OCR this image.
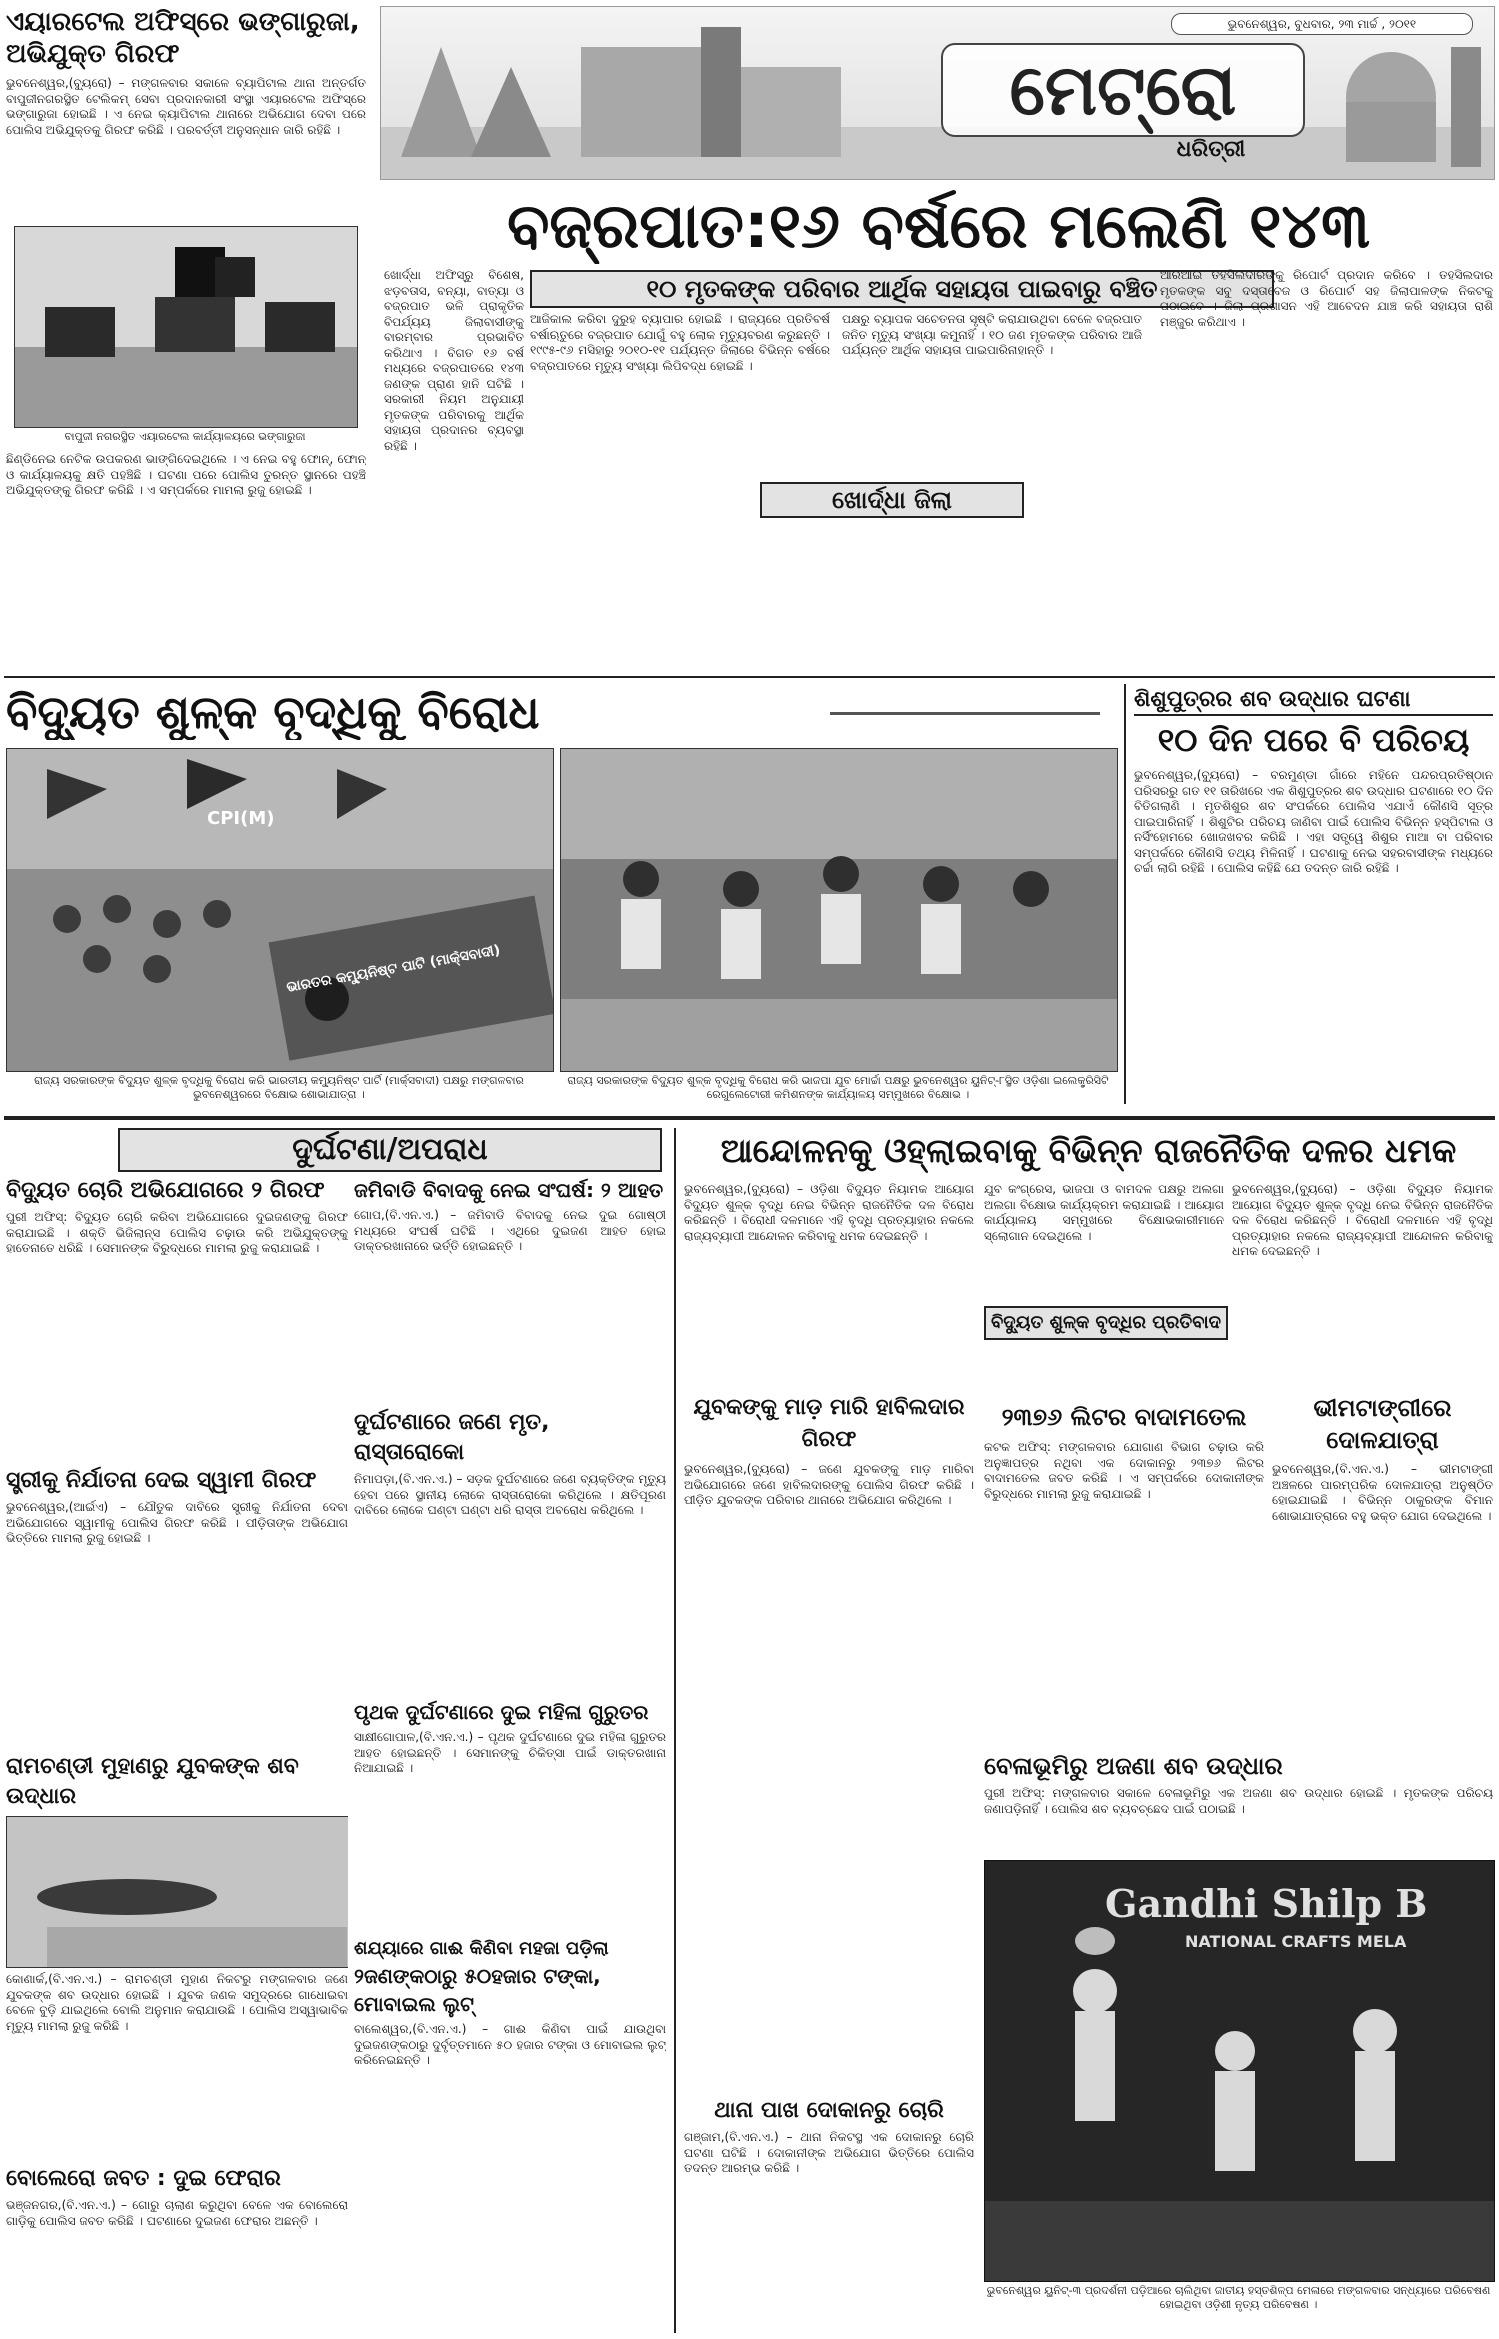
ଏୟାରଟେଲ ଅଫିସ୍‌ରେ ଭଙ୍ଗାରୁଜା, ଅଭିଯୁକ୍ତ ଗିରଫ

ଭୁବନେଶ୍ୱର,(ବ୍ୟୁରୋ) – ମଙ୍ଗଳବାର ସକାଳେ ବ୍ୟାପିଟାଲ ଥାନା ଅନ୍ତର୍ଗତ ବାପୁଜୀନଗରସ୍ଥିତ ଟେଲିକମ୍ ସେବା ପ୍ରଦାନକାରୀ ସଂସ୍ଥା ଏୟାରଟେଲ ଅଫିସ୍‌ରେ ଭଙ୍ଗାରୁଜା ହୋଇଛି । ଏ ନେଇ କ୍ୟାପିଟାଲ ଥାନାରେ ଅଭିଯୋଗ ଦେବା ପରେ ପୋଲିସ ଅଭିଯୁକ୍ତକୁ ଗିରଫ କରିଛି । ପରବର୍ତ୍ତୀ ଅନୁସନ୍ଧାନ ଜାରି ରହିଛି ।

ବାପୁଜୀ ନଗରସ୍ଥିତ ଏୟାରଟେଲ କାର୍ଯ୍ୟାଳୟରେ ଭଙ୍ଗାରୁଜା

ଛିଣ୍ଡିନେଇ ନେଟିକ ଉପକରଣ ଭାଙ୍ଗିଦେଇଥିଲେ । ଏ ନେଇ ବହୁ ଫୋନ୍, ଫୋନ୍ ଓ କାର୍ଯ୍ୟାଳୟକୁ କ୍ଷତି ପହଞ୍ଚିଛି । ଘଟଣା ପରେ ପୋଲିସ ତୁରନ୍ତ ସ୍ଥାନରେ ପହଞ୍ଚି ଅଭିଯୁକ୍ତଙ୍କୁ ଗିରଫ କରିଛି । ଏ ସମ୍ପର୍କରେ ମାମଲା ରୁଜୁ ହୋଇଛି ।

ଭୁବନେଶ୍ୱର, ବୁଧବାର, ୨୩ ମାର୍ଚ୍ଚ , ୨୦୧୧
ମେଟ୍ରୋ
ଧରିତ୍ରୀ
ବଜ୍ରପାତ:୧୬ ବର୍ଷରେ ମଲେଣି ୧୪୩
୧୦ ମୃତକଙ୍କ ପରିବାର ଆର୍ଥିକ ସହାୟତା ପାଇବାରୁ ବଞ୍ଚିତ

ଖୋର୍ଦ୍ଧା ଅଫିସ୍‌ରୁ ବିଶେଷ, ଝଡ଼ବତାସ, ବନ୍ୟା, ବାତ୍ୟା ଓ ବଜ୍ରପାତ ଭଳି ପ୍ରାକୃତିକ ବିପର୍ଯ୍ୟୟ ଜିଲାବାସୀଙ୍କୁ ବାରମ୍ବାର ପ୍ରଭାବିତ କରିଥାଏ । ବିଗତ ୧୬ ବର୍ଷ ମଧ୍ୟରେ ବଜ୍ରପାତରେ ୧୪୩ ଜଣଙ୍କ ପ୍ରାଣ ହାନି ଘଟିଛି । ସରକାରୀ ନିୟମ ଅନୁଯାୟୀ ମୃତକଙ୍କ ପରିବାରକୁ ଆର୍ଥିକ ସହାୟତା ପ୍ରଦାନର ବ୍ୟବସ୍ଥା ରହିଛି ।

ଆଜିକାଲ କରିବା ଦୁରୁହ ବ୍ୟାପାର ହୋଇଛି । ରାଜ୍ୟରେ ପ୍ରତିବର୍ଷ ବର୍ଷାଋତୁରେ ବଜ୍ରପାତ ଯୋଗୁଁ ବହୁ ଲୋକ ମୃତ୍ୟୁବରଣ କରୁଛନ୍ତି । ୧୯୯୫-୯୬ ମସିହାରୁ ୨୦୧୦-୧୧ ପର୍ଯ୍ୟନ୍ତ ଜିଲାରେ ବିଭିନ୍ନ ବର୍ଷରେ ବଜ୍ରପାତରେ ମୃତ୍ୟୁ ସଂଖ୍ୟା ଲିପିବଦ୍ଧ ହୋଇଛି ।

ଖୋର୍ଦ୍ଧା ଜିଲା

ପକ୍ଷରୁ ବ୍ୟାପକ ସଚେତନତା ସୃଷ୍ଟି କରାଯାଉଥିବା ବେଳେ ବଜ୍ରପାତ ଜନିତ ମୃତ୍ୟୁ ସଂଖ୍ୟା କମୁନାହିଁ । ୧୦ ଜଣ ମୃତକଙ୍କ ପରିବାର ଆଜି ପର୍ଯ୍ୟନ୍ତ ଆର୍ଥିକ ସହାୟତା ପାଇପାରିନାହାନ୍ତି ।

ଆରଆଇ ତହସିଲଦାରଙ୍କୁ ରିପୋର୍ଟ ପ୍ରଦାନ କରିବେ । ତହସିଲଦାର ମୃତକଙ୍କ ସବୁ ଦସ୍ତାବେଜ ଓ ରିପୋର୍ଟ ସହ ଜିଲାପାଳଙ୍କ ନିକଟକୁ ପଠାଇବେ । ଜିଲା ପ୍ରଶାସନ ଏହି ଆବେଦନ ଯାଞ୍ଚ କରି ସହାୟତା ରାଶି ମଞ୍ଜୁର କରିଥାଏ ।

ବିଦ୍ୟୁତ ଶୁଳ୍କ ବୃଦ୍ଧିକୁ ବିରୋଧ
CPI(M)
ଭାରତର କମ୍ୟୁନିଷ୍ଟ ପାର୍ଟି (ମାର୍କ୍ସବାଦୀ)
ରାଜ୍ୟ ସରକାରଙ୍କ ବିଦ୍ୟୁତ ଶୁଳ୍କ ବୃଦ୍ଧିକୁ ବିରୋଧ କରି ଭାରତୀୟ କମ୍ୟୁନିଷ୍ଟ ପାର୍ଟି (ମାର୍କ୍ସବାଦୀ) ପକ୍ଷରୁ ମଙ୍ଗଳବାର ଭୁବନେଶ୍ୱରରେ ବିକ୍ଷୋଭ ଶୋଭାଯାତ୍ରା ।
ରାଜ୍ୟ ସରକାରଙ୍କ ବିଦ୍ୟୁତ ଶୁଳ୍କ ବୃଦ୍ଧିକୁ ବିରୋଧ କରି ଭାଜପା ଯୁବ ମୋର୍ଚ୍ଚା ପକ୍ଷରୁ ଭୁବନେଶ୍ୱର ୟୁନିଟ୍-୮ସ୍ଥିତ ଓଡ଼ିଶା ଇଲେକ୍ଟ୍ରିସିଟି ରେଗୁଲେଟୋରୀ କମିଶନଙ୍କ କାର୍ଯ୍ୟାଳୟ ସମ୍ମୁଖରେ ବିକ୍ଷୋଭ ।
ଶିଶୁପୁତ୍ରର ଶବ ଉଦ୍ଧାର ଘଟଣା
୧୦ ଦିନ ପରେ ବି ପରିଚୟ

ଭୁବନେଶ୍ୱର,(ବ୍ୟୁରୋ) – ବରମୁଣ୍ଡା ଗାଁରେ ମହିନେ ପନ୍ଦରପ୍ରତିଷ୍ଠାନ ପରିସରରୁ ଗତ ୧୧ ତାରିଖରେ ଏକ ଶିଶୁପୁତ୍ରର ଶବ ଉଦ୍ଧାର ଘଟଣାରେ ୧୦ ଦିନ ବିତିଗଲାଣି । ମୃତଶିଶୁର ଶବ ସଂପର୍କରେ ପୋଲିସ ଏଯାଏଁ କୌଣସି ସୂତ୍ର ପାଇପାରିନାହିଁ । ଶିଶୁଟିର ପରିଚୟ ଜାଣିବା ପାଇଁ ପୋଲିସ ବିଭିନ୍ନ ହସ୍‌ପିଟାଲ ଓ ନର୍ସିଂହୋମରେ ଖୋଜଖବର କରିଛି । ଏହା ସତ୍ତ୍ୱେ ଶିଶୁର ମାଆ ବା ପରିବାର ସମ୍ପର୍କରେ କୌଣସି ତଥ୍ୟ ମିଳିନାହିଁ । ଘଟଣାକୁ ନେଇ ସହରବାସୀଙ୍କ ମଧ୍ୟରେ ଚର୍ଚ୍ଚା ଲାଗି ରହିଛି । ପୋଲିସ କହିଛି ଯେ ତଦନ୍ତ ଜାରି ରହିଛି ।

ଦୁର୍ଘଟଣା/ଅପରାଧ
ବିଦ୍ୟୁତ ଚୋରି ଅଭିଯୋଗରେ ୨ ଗିରଫ

ପୁରୀ ଅଫିସ୍: ବିଦ୍ୟୁତ ଚୋରି କରିବା ଅଭିଯୋଗରେ ଦୁଇଜଣଙ୍କୁ ଗିରଫ କରାଯାଇଛି । ଶକ୍ତି ଭିଜିଲାନ୍ସ ପୋଲିସ ଚଢ଼ାଉ କରି ଅଭିଯୁକ୍ତଙ୍କୁ ହାତେନାତେ ଧରିଛି । ସେମାନଙ୍କ ବିରୁଦ୍ଧରେ ମାମଲା ରୁଜୁ କରାଯାଇଛି ।

ସ୍ତ୍ରୀକୁ ନିର୍ଯାତନା ଦେଇ ସ୍ୱାମୀ ଗିରଫ

ଭୁବନେଶ୍ୱର,(ଆର୍ଇଏ) – ଯୌତୁକ ଦାବିରେ ସ୍ତ୍ରୀକୁ ନିର୍ଯାତନା ଦେବା ଅଭିଯୋଗରେ ସ୍ୱାମୀକୁ ପୋଲିସ ଗିରଫ କରିଛି । ପୀଡ଼ିତାଙ୍କ ଅଭିଯୋଗ ଭିତ୍ତିରେ ମାମଲା ରୁଜୁ ହୋଇଛି ।

ରାମଚଣ୍ଡୀ ମୁହାଣରୁ ଯୁବକଙ୍କ ଶବ ଉଦ୍ଧାର

କୋଣାର୍କ,(ବି.ଏନ.ଏ.) – ରାମଚଣ୍ଡୀ ମୁହାଣ ନିକଟରୁ ମଙ୍ଗଳବାର ଜଣେ ଯୁବକଙ୍କ ଶବ ଉଦ୍ଧାର ହୋଇଛି । ଯୁବକ ଜଣକ ସମୁଦ୍ରରେ ଗାଧୋଇବା ବେଳେ ବୁଡ଼ି ଯାଇଥିଲେ ବୋଲି ଅନୁମାନ କରାଯାଉଛି । ପୋଲିସ ଅସ୍ୱାଭାବିକ ମୃତ୍ୟୁ ମାମଲା ରୁଜୁ କରିଛି ।

ବୋଲେରୋ ଜବତ : ଦୁଇ ଫେରାର

ଭଞ୍ଜନଗର,(ବି.ଏନ.ଏ.) – ଗୋରୁ ଚାଲାଣ କରୁଥିବା ବେଳେ ଏକ ବୋଲେରୋ ଗାଡ଼ିକୁ ପୋଲିସ ଜବତ କରିଛି । ଘଟଣାରେ ଦୁଇଜଣ ଫେରାର ଅଛନ୍ତି ।

ଜମିବାଡି ବିବାଦକୁ ନେଇ ସଂଘର୍ଷ: ୨ ଆହତ

ଗୋପ,(ବି.ଏନ.ଏ.) – ଜମିବାଡି ବିବାଦକୁ ନେଇ ଦୁଇ ଗୋଷ୍ଠୀ ମଧ୍ୟରେ ସଂଘର୍ଷ ଘଟିଛି । ଏଥିରେ ଦୁଇଜଣ ଆହତ ହୋଇ ଡାକ୍ତରଖାନାରେ ଭର୍ତ୍ତି ହୋଇଛନ୍ତି ।

ଦୁର୍ଘଟଣାରେ ଜଣେ ମୃତ, ରାସ୍ତାରୋକୋ

ନିମାପଡ଼ା,(ବି.ଏନ.ଏ.) – ସଡ଼କ ଦୁର୍ଘଟଣାରେ ଜଣେ ବ୍ୟକ୍ତିଙ୍କ ମୃତ୍ୟୁ ହେବା ପରେ ସ୍ଥାନୀୟ ଲୋକେ ରାସ୍ତାରୋକୋ କରିଥିଲେ । କ୍ଷତିପୂରଣ ଦାବିରେ ଲୋକେ ଘଣ୍ଟା ଘଣ୍ଟା ଧରି ରାସ୍ତା ଅବରୋଧ କରିଥିଲେ ।

ପୃଥକ ଦୁର୍ଘଟଣାରେ ଦୁଇ ମହିଳା ଗୁରୁତର

ସାକ୍ଷୀଗୋପାଳ,(ବି.ଏନ.ଏ.) – ପୃଥକ ଦୁର୍ଘଟଣାରେ ଦୁଇ ମହିଳା ଗୁରୁତର ଆହତ ହୋଇଛନ୍ତି । ସେମାନଙ୍କୁ ଚିକିତ୍ସା ପାଇଁ ଡାକ୍ତରଖାନା ନିଆଯାଇଛି ।

ଶଯ୍ୟାରେ ଗାଈ କିଣିବା ମହଜା ପଡ଼ିଲା
୨ଜଣଙ୍କଠାରୁ ୫୦ହଜାର ଟଙ୍କା, ମୋବାଇଲ ଲୁଟ୍

ବାଲେଶ୍ୱର,(ବି.ଏନ.ଏ.) – ଗାଈ କିଣିବା ପାଇଁ ଯାଉଥିବା ଦୁଇଜଣଙ୍କଠାରୁ ଦୁର୍ବୃତ୍ତମାନେ ୫୦ ହଜାର ଟଙ୍କା ଓ ମୋବାଇଲ ଲୁଟ୍ କରିନେଇଛନ୍ତି ।

ଆନ୍ଦୋଳନକୁ ଓହ୍ଲାଇବାକୁ ବିଭିନ୍ନ ରାଜନୈତିକ ଦଳର ଧମକ

ଭୁବନେଶ୍ୱର,(ବ୍ୟୁରୋ) – ଓଡ଼ିଶା ବିଦ୍ୟୁତ ନିୟାମକ ଆୟୋଗ ବିଦ୍ୟୁତ ଶୁଳ୍କ ବୃଦ୍ଧି ନେଇ ବିଭିନ୍ନ ରାଜନୈତିକ ଦଳ ବିରୋଧ କରିଛନ୍ତି । ବିରୋଧୀ ଦଳମାନେ ଏହି ବୃଦ୍ଧି ପ୍ରତ୍ୟାହାର ନକଲେ ରାଜ୍ୟବ୍ୟାପୀ ଆନ୍ଦୋଳନ କରିବାକୁ ଧମକ ଦେଇଛନ୍ତି ।

ଯୁବ କଂଗ୍ରେସ, ଭାଜପା ଓ ବାମଦଳ ପକ୍ଷରୁ ଅଲଗା ଅଲଗା ବିକ୍ଷୋଭ କାର୍ଯ୍ୟକ୍ରମ କରାଯାଇଛି । ଆୟୋଗ କାର୍ଯ୍ୟାଳୟ ସମ୍ମୁଖରେ ବିକ୍ଷୋଭକାରୀମାନେ ସ୍ଲୋଗାନ ଦେଇଥିଲେ ।

ବିଦ୍ୟୁତ ଶୁଳ୍କ ବୃଦ୍ଧିର ପ୍ରତିବାଦ

ଭୁବନେଶ୍ୱର,(ବ୍ୟୁରୋ) – ଓଡ଼ିଶା ବିଦ୍ୟୁତ ନିୟାମକ ଆୟୋଗ ବିଦ୍ୟୁତ ଶୁଳ୍କ ବୃଦ୍ଧି ନେଇ ବିଭିନ୍ନ ରାଜନୈତିକ ଦଳ ବିରୋଧ କରିଛନ୍ତି । ବିରୋଧୀ ଦଳମାନେ ଏହି ବୃଦ୍ଧି ପ୍ରତ୍ୟାହାର ନକଲେ ରାଜ୍ୟବ୍ୟାପୀ ଆନ୍ଦୋଳନ କରିବାକୁ ଧମକ ଦେଇଛନ୍ତି ।

ଯୁବକଙ୍କୁ ମାଡ଼ ମାରି ହାବିଲଦାର ଗିରଫ

ଭୁବନେଶ୍ୱର,(ବ୍ୟୁରୋ) – ଜଣେ ଯୁବକଙ୍କୁ ମାଡ଼ ମାରିବା ଅଭିଯୋଗରେ ଜଣେ ହାବିଲଦାରଙ୍କୁ ପୋଲିସ ଗିରଫ କରିଛି । ପୀଡ଼ିତ ଯୁବକଙ୍କ ପରିବାର ଥାନାରେ ଅଭିଯୋଗ କରିଥିଲେ ।

ଥାନା ପାଖ ଦୋକାନରୁ ଚୋରି

ଗଞ୍ଜାମ,(ବି.ଏନ.ଏ.) – ଥାନା ନିକଟସ୍ଥ ଏକ ଦୋକାନରୁ ଚୋରି ଘଟଣା ଘଟିଛି । ଦୋକାନୀଙ୍କ ଅଭିଯୋଗ ଭିତ୍ତିରେ ପୋଲିସ ତଦନ୍ତ ଆରମ୍ଭ କରିଛି ।

୨୩୭୬ ଲିଟର ବାଦାମତେଲ

କଟକ ଅଫିସ୍: ମଙ୍ଗଳବାର ଯୋଗାଣ ବିଭାଗ ଚଢ଼ାଉ କରି ଅନୁଜ୍ଞାପତ୍ର ନଥିବା ଏକ ଦୋକାନରୁ ୨୩୭୬ ଲିଟର ବାଦାମତେଲ ଜବତ କରିଛି । ଏ ସମ୍ପର୍କରେ ଦୋକାନୀଙ୍କ ବିରୁଦ୍ଧରେ ମାମଲା ରୁଜୁ କରାଯାଇଛି ।

ଭୀମଟାଙ୍ଗୀରେ ଦୋଳଯାତ୍ରା

ଭୁବନେଶ୍ୱର,(ବି.ଏନ.ଏ.) – ଭୀମଟାଙ୍ଗୀ ଅଞ୍ଚଳରେ ପାରମ୍ପରିକ ଦୋଳଯାତ୍ରା ଅନୁଷ୍ଠିତ ହୋଇଯାଇଛି । ବିଭିନ୍ନ ଠାକୁରଙ୍କ ବିମାନ ଶୋଭାଯାତ୍ରାରେ ବହୁ ଭକ୍ତ ଯୋଗ ଦେଇଥିଲେ ।

ବେଳାଭୂମିରୁ ଅଜଣା ଶବ ଉଦ୍ଧାର

ପୁରୀ ଅଫିସ୍: ମଙ୍ଗଳବାର ସକାଳେ ବେଳାଭୂମିରୁ ଏକ ଅଜଣା ଶବ ଉଦ୍ଧାର ହୋଇଛି । ମୃତକଙ୍କ ପରିଚୟ ଜଣାପଡ଼ିନାହିଁ । ପୋଲିସ ଶବ ବ୍ୟବଚ୍ଛେଦ ପାଇଁ ପଠାଇଛି ।

Gandhi Shilp B
NATIONAL CRAFTS MELA
ଭୁବନେଶ୍ୱର ୟୁନିଟ୍-୩ ପ୍ରଦର୍ଶନୀ ପଡ଼ିଆରେ ଚାଲିଥିବା ଜାତୀୟ ହସ୍ତଶିଳ୍ପ ମେଳାରେ ମଙ୍ଗଳବାର ସନ୍ଧ୍ୟାରେ ପରିବେଷଣ ହୋଇଥିବା ଓଡ଼ିଶୀ ନୃତ୍ୟ ପରିବେଷଣ ।
